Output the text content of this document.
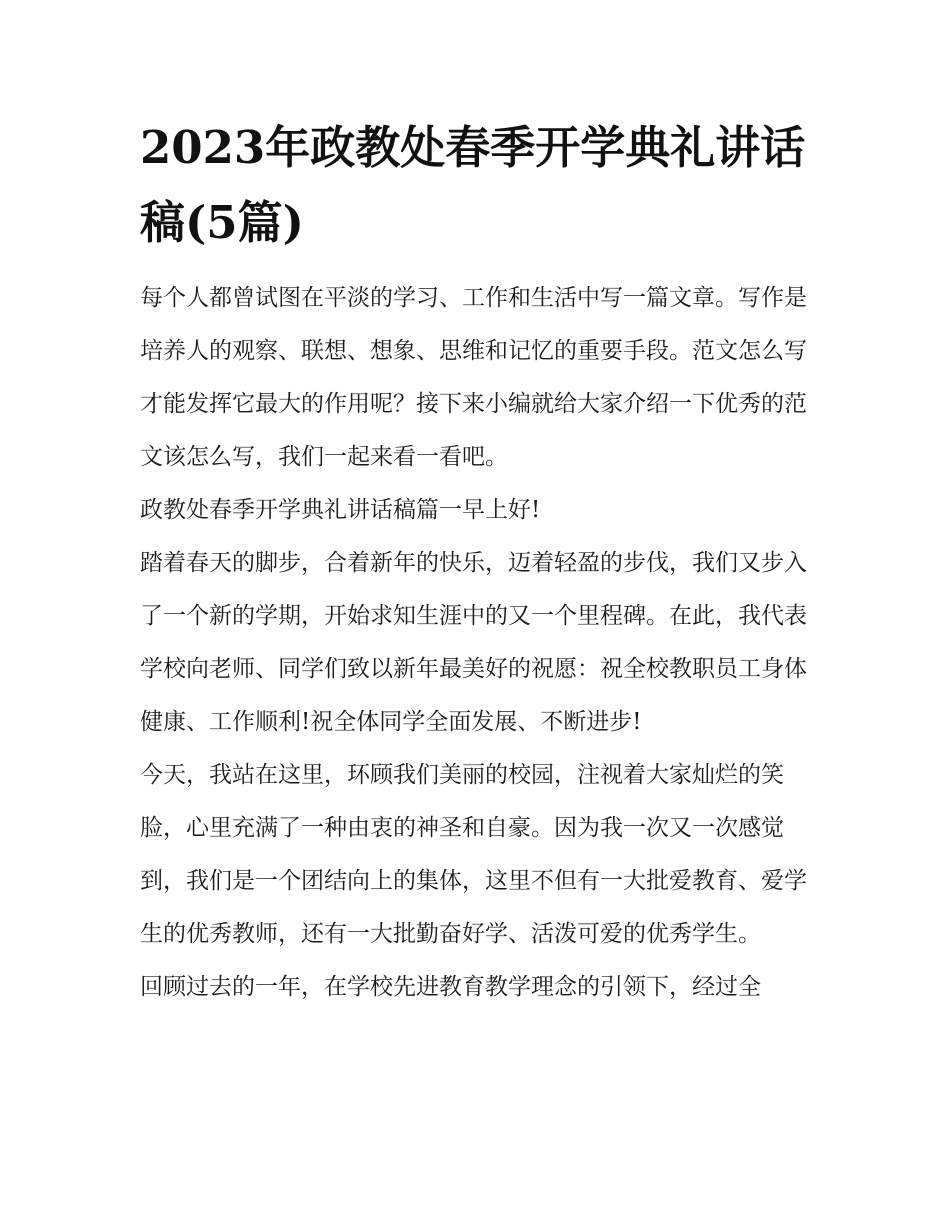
2023年政教处春季开学典礼讲话稿(5篇)

每个人都曾试图在平淡的学习、工作和生活中写一篇文章。写作是培养人的观察、联想、想象、思维和记忆的重要手段。范文怎么写才能发挥它最大的作用呢？接下来小编就给大家介绍一下优秀的范文该怎么写，我们一起来看一看吧。

政教处春季开学典礼讲话稿篇一早上好!

踏着春天的脚步，合着新年的快乐，迈着轻盈的步伐，我们又步入了一个新的学期，开始求知生涯中的又一个里程碑。在此，我代表学校向老师、同学们致以新年最美好的祝愿：祝全校教职员工身体健康、工作顺利!祝全体同学全面发展、不断进步!

今天，我站在这里，环顾我们美丽的校园，注视着大家灿烂的笑脸，心里充满了一种由衷的神圣和自豪。因为我一次又一次感觉到，我们是一个团结向上的集体，这里不但有一大批爱教育、爱学生的优秀教师，还有一大批勤奋好学、活泼可爱的优秀学生。

回顾过去的一年，在学校先进教育教学理念的引领下，经过全
